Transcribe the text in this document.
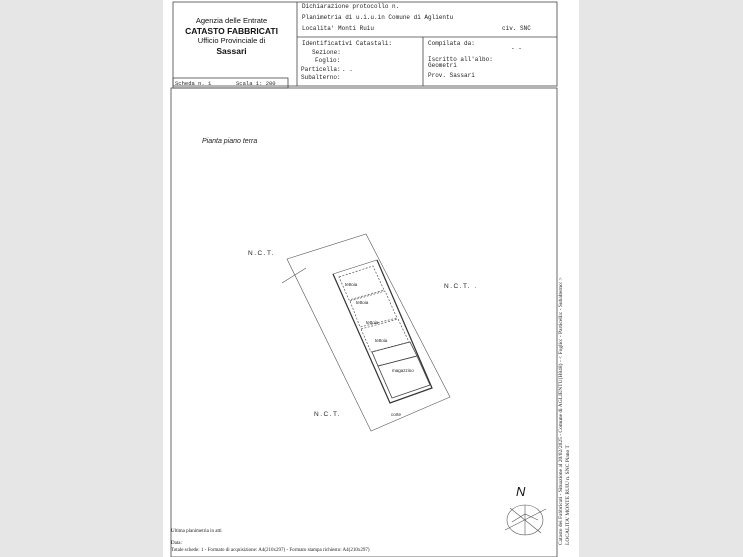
Agenzia delle Entrate
CATASTO FABBRICATI
Ufficio Provinciale di
Sassari
Dichiarazione protocollo n.
Planimetria di u.i.u.in Comune di Aglientu
Localita' Monti Ruiu	civ. SNC
Identificativi Catastali:
Sezione:
Foglio:
Particella: . .
Subalterno:
Compilata da:
- -
Iscritto all'albo:
Geometri
Prov. Sassari
Scheda n. 1	Scala 1: 200
Pianta piano terra
N.C.T.
N.C.T. .
N.C.T.
tettoia
tettoia
tettoia
tettoia
magazzino
corte
N
Ultima planimetria in atti
Data:
Totale schede: 1 - Formato di acquisizione: A4(210x297) - Formato stampa richiesto: A4(210x297)
Catasto dei Fabbricati - Situazione al 20/02/2025 - Comune di AGLIENTU(H848) - < Foglio: - Particella: - Subalterno: > LOCALITA' MONTE RUIU n. SNC Piano T
